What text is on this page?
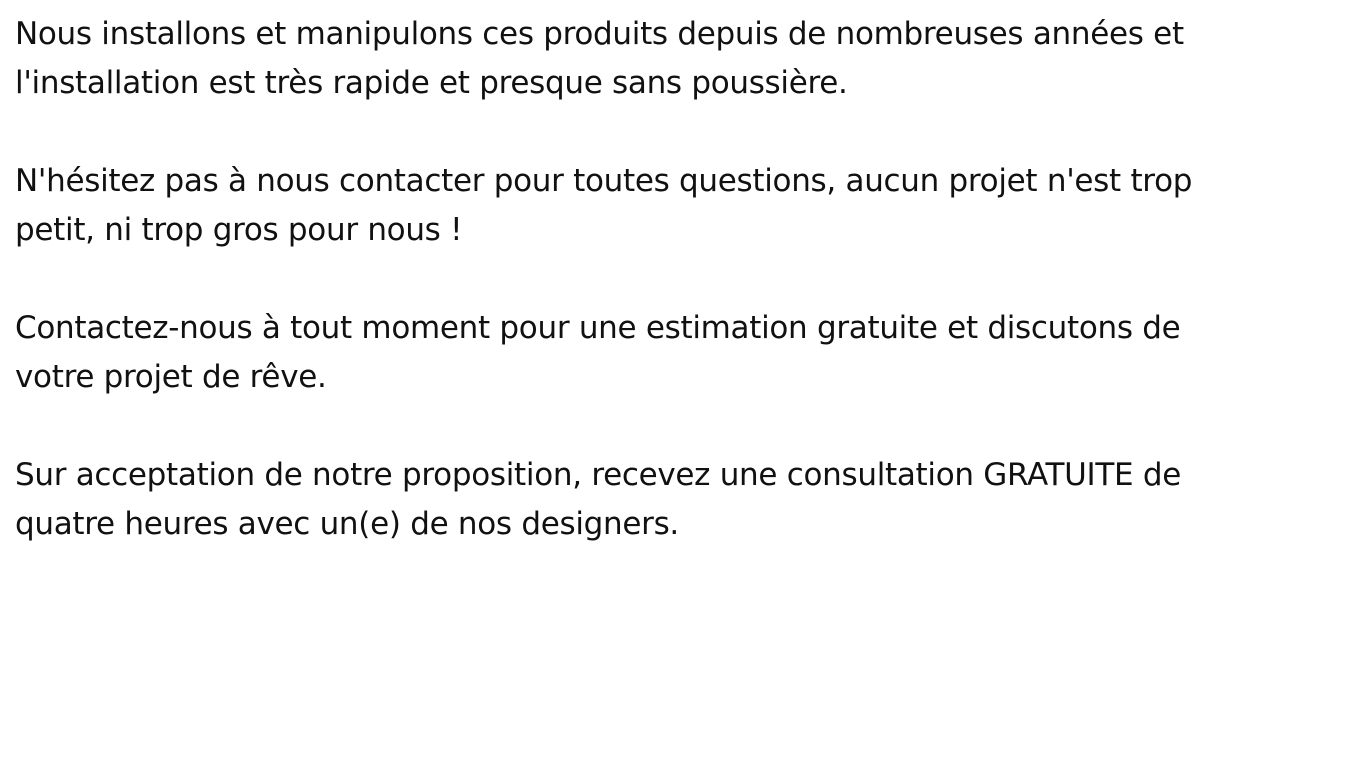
Nous installons et manipulons ces produits depuis de nombreuses années et
l'installation est très rapide et presque sans poussière.

N'hésitez pas à nous contacter pour toutes questions, aucun projet n'est trop
petit, ni trop gros pour nous !

Contactez-nous à tout moment pour une estimation gratuite et discutons de
votre projet de rêve.

Sur acceptation de notre proposition, recevez une consultation GRATUITE de
quatre heures avec un(e) de nos designers.
